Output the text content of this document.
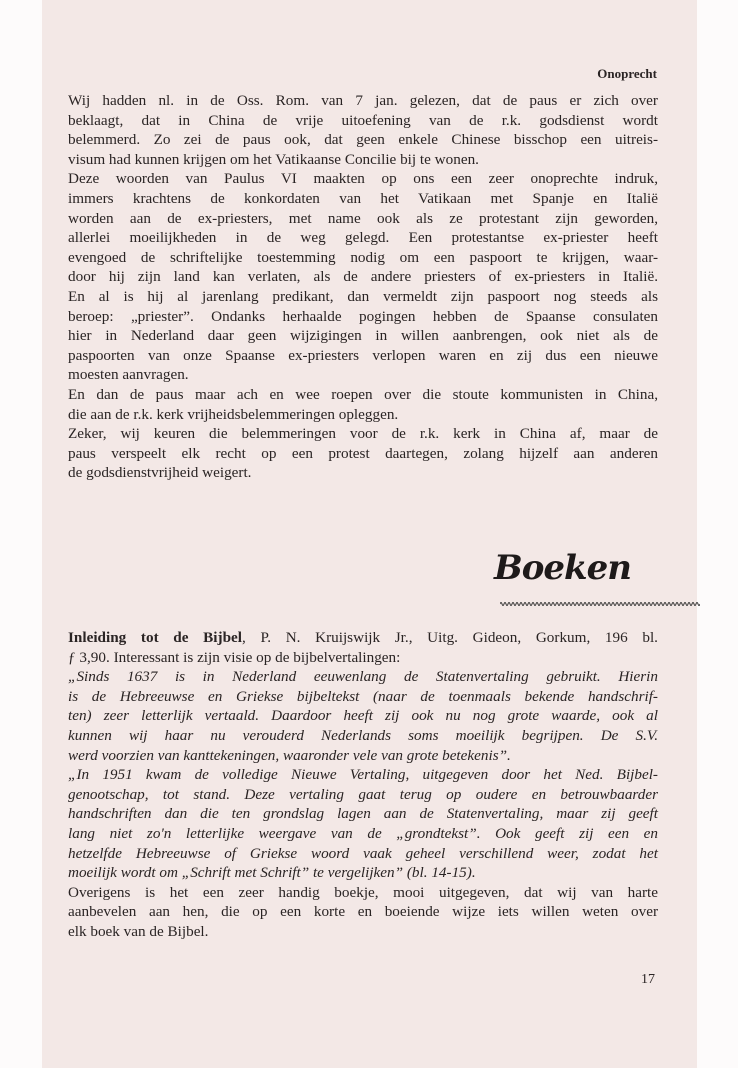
Onoprecht
Wij hadden nl. in de Oss. Rom. van 7 jan. gelezen, dat de paus er zich over
beklaagt, dat in China de vrije uitoefening van de r.k. godsdienst wordt
belemmerd. Zo zei de paus ook, dat geen enkele Chinese bisschop een uitreis-
visum had kunnen krijgen om het Vatikaanse Concilie bij te wonen.
Deze woorden van Paulus VI maakten op ons een zeer onoprechte indruk,
immers krachtens de konkordaten van het Vatikaan met Spanje en Italië
worden aan de ex-priesters, met name ook als ze protestant zijn geworden,
allerlei moeilijkheden in de weg gelegd. Een protestantse ex-priester heeft
evengoed de schriftelijke toestemming nodig om een paspoort te krijgen, waar-
door hij zijn land kan verlaten, als de andere priesters of ex-priesters in Italië.
En al is hij al jarenlang predikant, dan vermeldt zijn paspoort nog steeds als
beroep: „priester”. Ondanks herhaalde pogingen hebben de Spaanse consulaten
hier in Nederland daar geen wijzigingen in willen aanbrengen, ook niet als de
paspoorten van onze Spaanse ex-priesters verlopen waren en zij dus een nieuwe
moesten aanvragen.
En dan de paus maar ach en wee roepen over die stoute kommunisten in China,
die aan de r.k. kerk vrijheidsbelemmeringen opleggen.
Zeker, wij keuren die belemmeringen voor de r.k. kerk in China af, maar de
paus verspeelt elk recht op een protest daartegen, zolang hijzelf aan anderen
de godsdienstvrijheid weigert.
Boeken
Inleiding tot de Bijbel, P. N. Kruijswijk Jr., Uitg. Gideon, Gorkum, 196 bl.
ƒ 3,90. Interessant is zijn visie op de bijbelvertalingen:
„Sinds 1637 is in Nederland eeuwenlang de Statenvertaling gebruikt. Hierin
is de Hebreeuwse en Griekse bijbeltekst (naar de toenmaals bekende handschrif-
ten) zeer letterlijk vertaald. Daardoor heeft zij ook nu nog grote waarde, ook al
kunnen wij haar nu verouderd Nederlands soms moeilijk begrijpen. De S.V.
werd voorzien van kanttekeningen, waaronder vele van grote betekenis”.
„In 1951 kwam de volledige Nieuwe Vertaling, uitgegeven door het Ned. Bijbel-
genootschap, tot stand. Deze vertaling gaat terug op oudere en betrouwbaarder
handschriften dan die ten grondslag lagen aan de Statenvertaling, maar zij geeft
lang niet zo'n letterlijke weergave van de „grondtekst”. Ook geeft zij een en
hetzelfde Hebreeuwse of Griekse woord vaak geheel verschillend weer, zodat het
moeilijk wordt om „Schrift met Schrift” te vergelijken” (bl. 14-15).
Overigens is het een zeer handig boekje, mooi uitgegeven, dat wij van harte
aanbevelen aan hen, die op een korte en boeiende wijze iets willen weten over
elk boek van de Bijbel.
17
